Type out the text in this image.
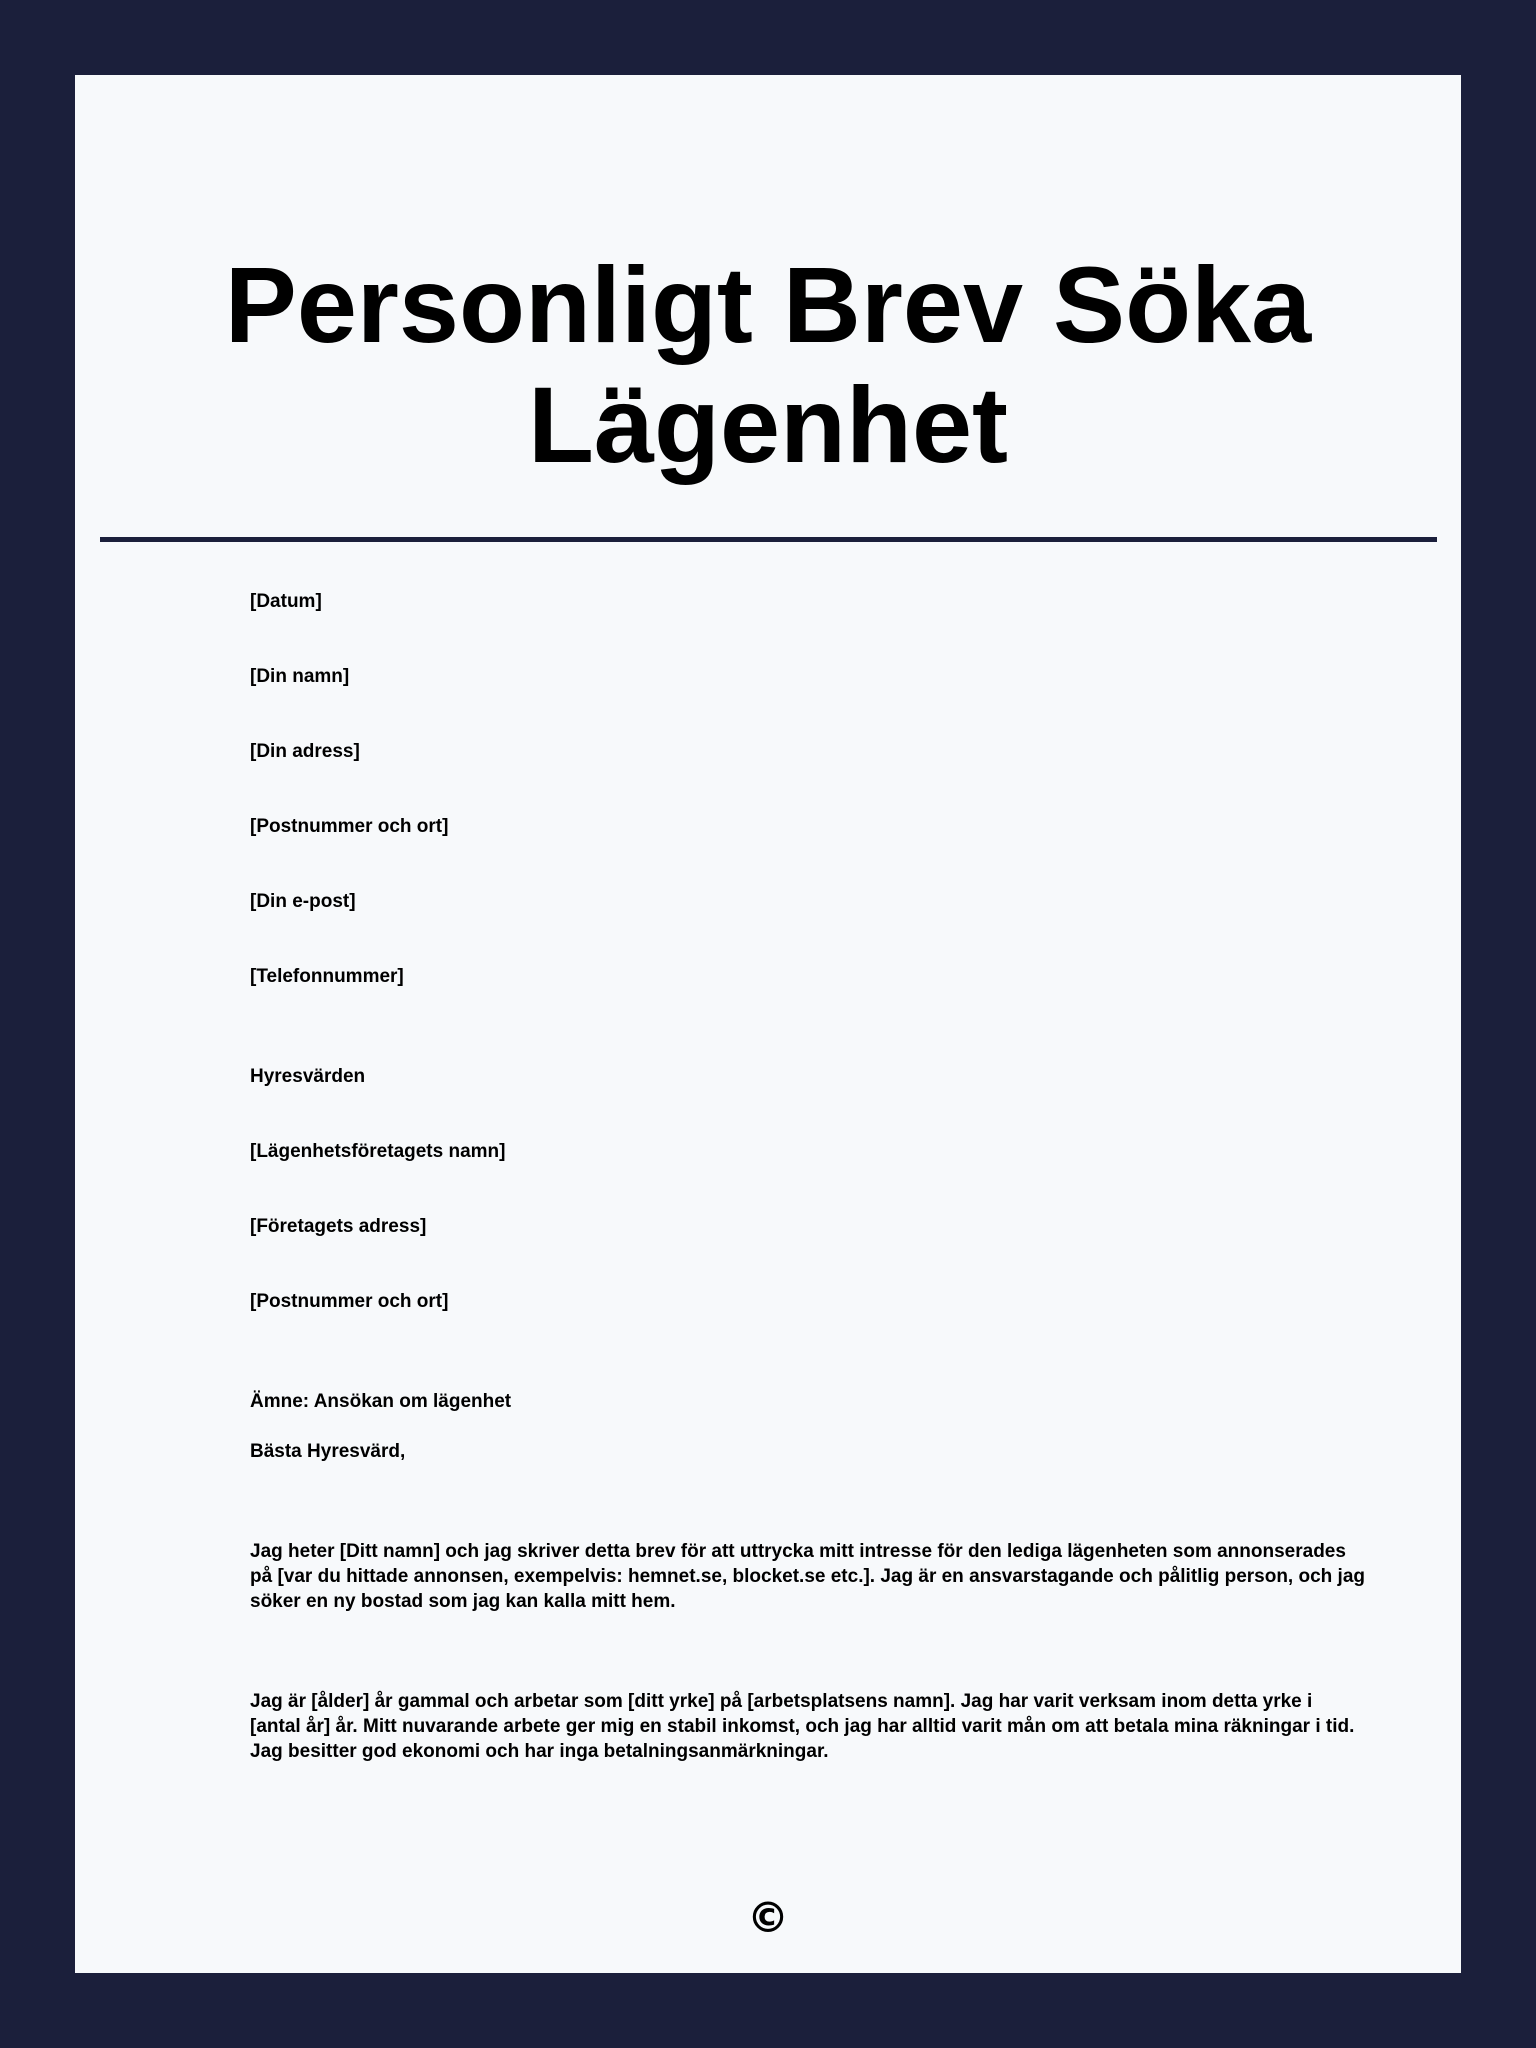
Personligt Brev Söka Lägenhet
[Datum]
[Din namn]
[Din adress]
[Postnummer och ort]
[Din e-post]
[Telefonnummer]
Hyresvärden
[Lägenhetsföretagets namn]
[Företagets adress]
[Postnummer och ort]
Ämne: Ansökan om lägenhet
Bästa Hyresvärd,
Jag heter [Ditt namn] och jag skriver detta brev för att uttrycka mitt intresse för den lediga lägenheten som annonserades på [var du hittade annonsen, exempelvis: hemnet.se, blocket.se etc.]. Jag är en ansvarstagande och pålitlig person, och jag söker en ny bostad som jag kan kalla mitt hem.
Jag är [ålder] år gammal och arbetar som [ditt yrke] på [arbetsplatsens namn]. Jag har varit verksam inom detta yrke i [antal år] år. Mitt nuvarande arbete ger mig en stabil inkomst, och jag har alltid varit mån om att betala mina räkningar i tid. Jag besitter god ekonomi och har inga betalningsanmärkningar.
©
